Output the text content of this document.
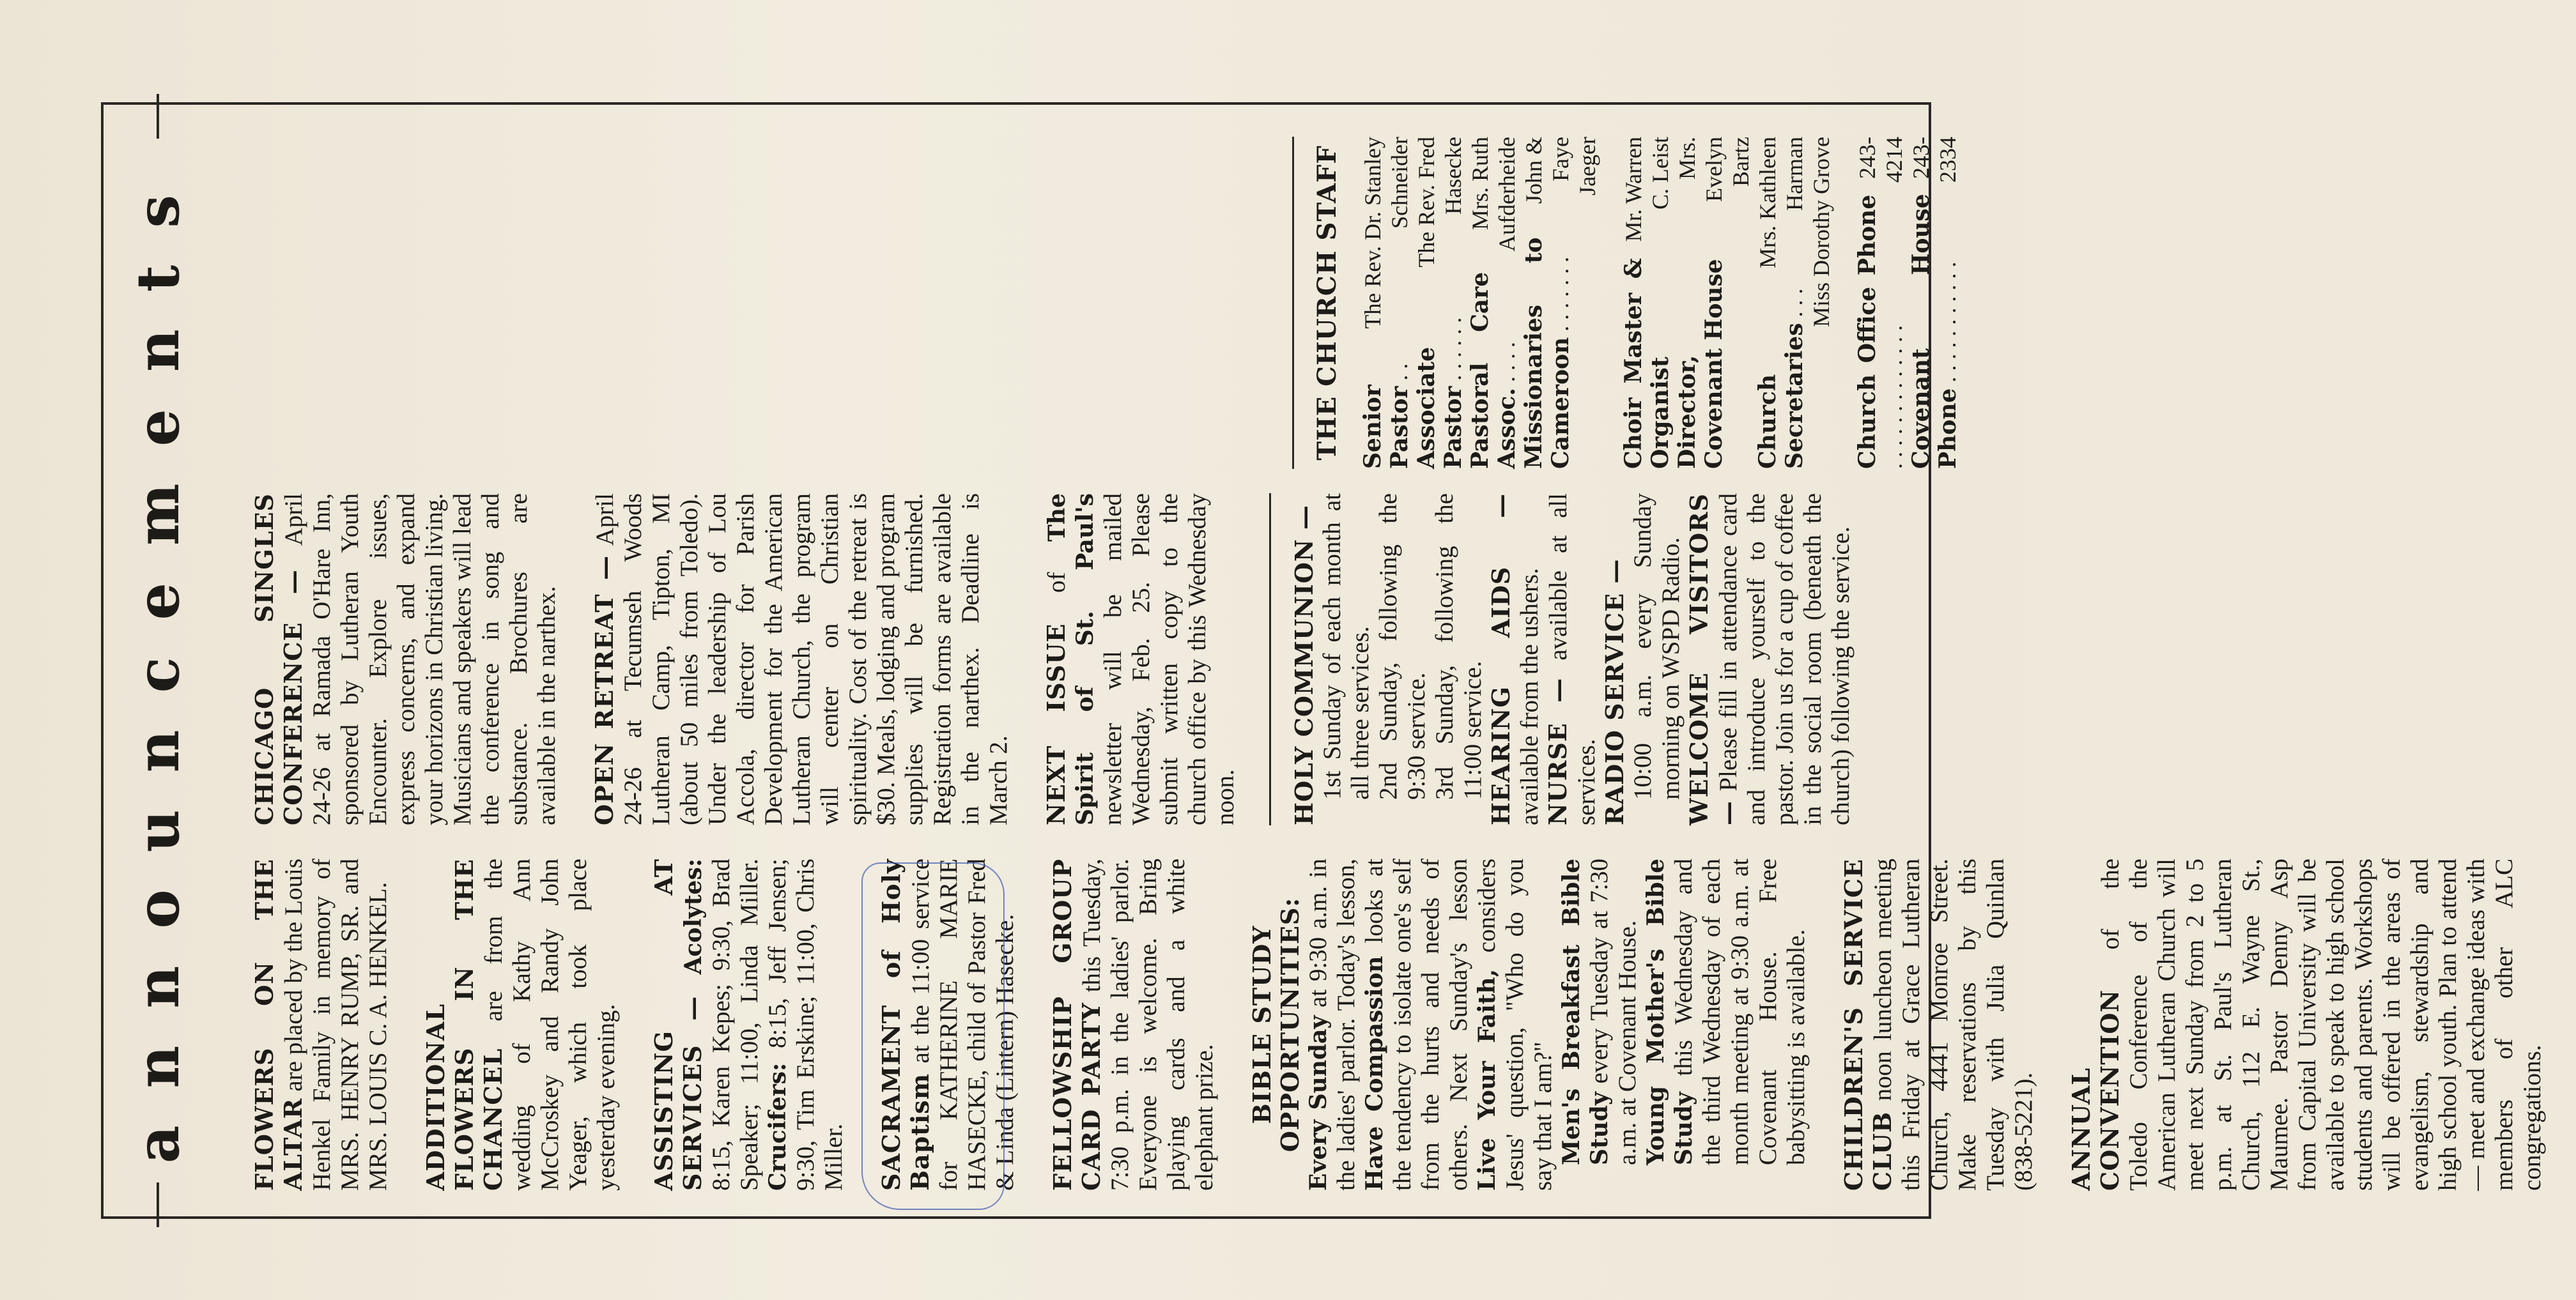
announcements FLOWERS ON THE ALTAR are placed by the Louis Henkel Family in memory of MRS. HENRY RUMP, SR. and MRS. LOUIS C. A. HENKEL. ADDITIONAL FLOWERS IN THE CHANCEL are from the wedding of Kathy Ann McCroskey and Randy John Yeager, which took place yesterday evening. ASSISTING AT SERVICES — Acolytes: 8:15, Karen Kepes; 9:30, Brad Speaker; 11:00, Linda Miller. Crucifers: 8:15, Jeff Jensen; 9:30, Tim Erskine; 11:00, Chris Miller. SACRAMENT of Holy Baptism at the 11:00 service for KATHERINE MARIE HASECKE, child of Pastor Fred & Linda (Lintern) Hasecke. FELLOWSHIP GROUP CARD PARTY this Tuesday, 7:30 p.m. in the ladies' parlor. Everyone is welcome. Bring playing cards and a white elephant prize. BIBLE STUDY OPPORTUNITIES: Every Sunday at 9:30 a.m. in the ladies' parlor. Today's lesson, Have Compassion looks at the tendency to isolate one's self from the hurts and needs of others. Next Sunday's lesson Live Your Faith, considers Jesus' question, "Who do you say that I am?" Men's Breakfast Bible Study every Tuesday at 7:30 a.m. at Covenant House. Young Mother's Bible Study this Wednesday and the third Wednesday of each month meeting at 9:30 a.m. at Covenant House. Free babysitting is available. CHILDREN'S SERVICE CLUB noon luncheon meeting this Friday at Grace Lutheran Church, 4441 Monroe Street. Make reservations by this Tuesday with Julia Quinlan (838-5221). ANNUAL CONVENTION of the Toledo Conference of the American Lutheran Church will meet next Sunday from 2 to 5 p.m. at St. Paul's Lutheran Church, 112 E. Wayne St., Maumee. Pastor Denny Asp from Capital University will be available to speak to high school students and parents. Workshops will be offered in the areas of evangelism, stewardship and high school youth. Plan to attend — meet and exchange ideas with members of other ALC congregations.
CHICAGO SINGLES CONFERENCE — April 24-26 at Ramada O'Hare Inn, sponsored by Lutheran Youth Encounter. Explore issues, express concerns, and expand your horizons in Christian living. Musicians and speakers will lead the conference in song and substance. Brochures are available in the narthex. OPEN RETREAT — April 24-26 at Tecumseh Woods Lutheran Camp, Tipton, MI (about 50 miles from Toledo). Under the leadership of Lou Accola, director for Parish Development for the American Lutheran Church, the program will center on Christian spirituality. Cost of the retreat is $30. Meals, lodging and program supplies will be furnished. Registration forms are available in the narthex. Deadline is March 2. NEXT ISSUE of The Spirit of St. Paul's newsletter will be mailed Wednesday, Feb. 25. Please submit written copy to the church office by this Wednesday noon. HOLY COMMUNION — 1st Sunday of each month at all three services. 2nd Sunday, following the 9:30 service. 3rd Sunday, following the 11:00 service. HEARING AIDS — available from the ushers. NURSE — available at all services. RADIO SERVICE — 10:00 a.m. every Sunday morning on WSPD Radio. WELCOME VISITORS — Please fill in attendance card and introduce yourself to the pastor. Join us for a cup of coffee in the social room (beneath the church) following the service.
THE CHURCH STAFF Senior Pastor . .
The Rev. Dr. Stanley Schneider
Associate Pastor . . . . . .
The Rev. Fred Hasecke
Pastoral Care Assoc. . . . .
Mrs. Ruth Aufderheide
Missionaries to Cameroon . . . . . . .
John & Faye Jaeger
Choir Master & Organist
Mr. Warren C. Leist
Director, Covenant House
Mrs. Evelyn Bartz
Church Secretaries . . .
Mrs. Kathleen Harman Miss Dorothy Grove Church Office Phone . . . . . . . . . . . . .
243-4214
Covenant House Phone . . . . . . . . . . .
243-2334
